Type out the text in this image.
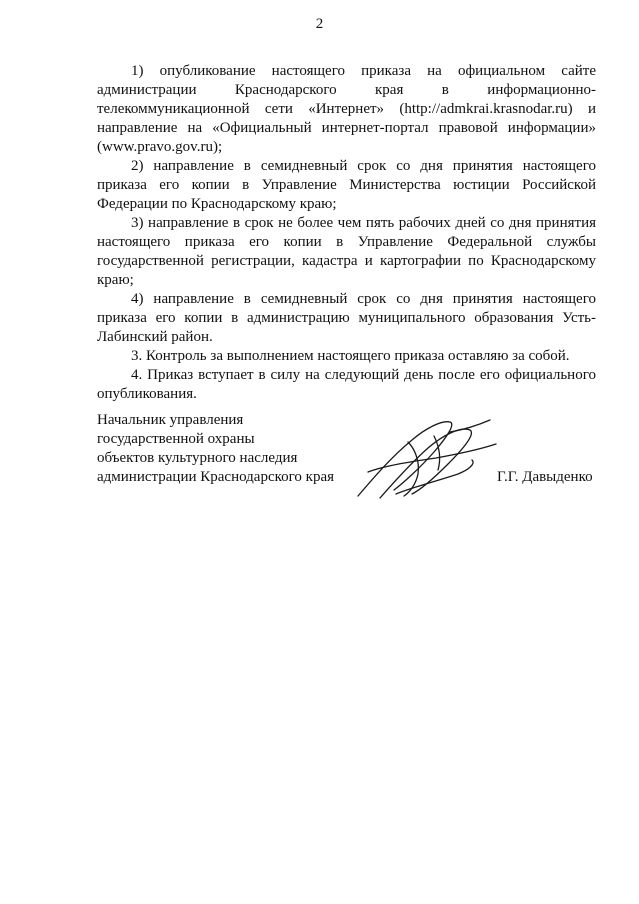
2

1) опубликование настоящего приказа на официальном сайте администрации Краснодарского края в информационно-телекоммуникационной сети «Интернет» (http://admkrai.krasnodar.ru) и направление на «Официальный интернет-портал правовой информации» (www.pravo.gov.ru);

2) направление в семидневный срок со дня принятия настоящего приказа его копии в Управление Министерства юстиции Российской Федерации по Краснодарскому краю;

3) направление в срок не более чем пять рабочих дней со дня принятия настоящего приказа его копии в Управление Федеральной службы государственной регистрации, кадастра и картографии по Краснодарскому краю;

4) направление в семидневный срок со дня принятия настоящего приказа его копии в администрацию муниципального образования Усть-Лабинский район.

3. Контроль за выполнением настоящего приказа оставляю за собой.

4. Приказ вступает в силу на следующий день после его официального опубликования.

Начальник управления
государственной охраны
объектов культурного наследия
администрации Краснодарского края	Г.Г. Давыденко
